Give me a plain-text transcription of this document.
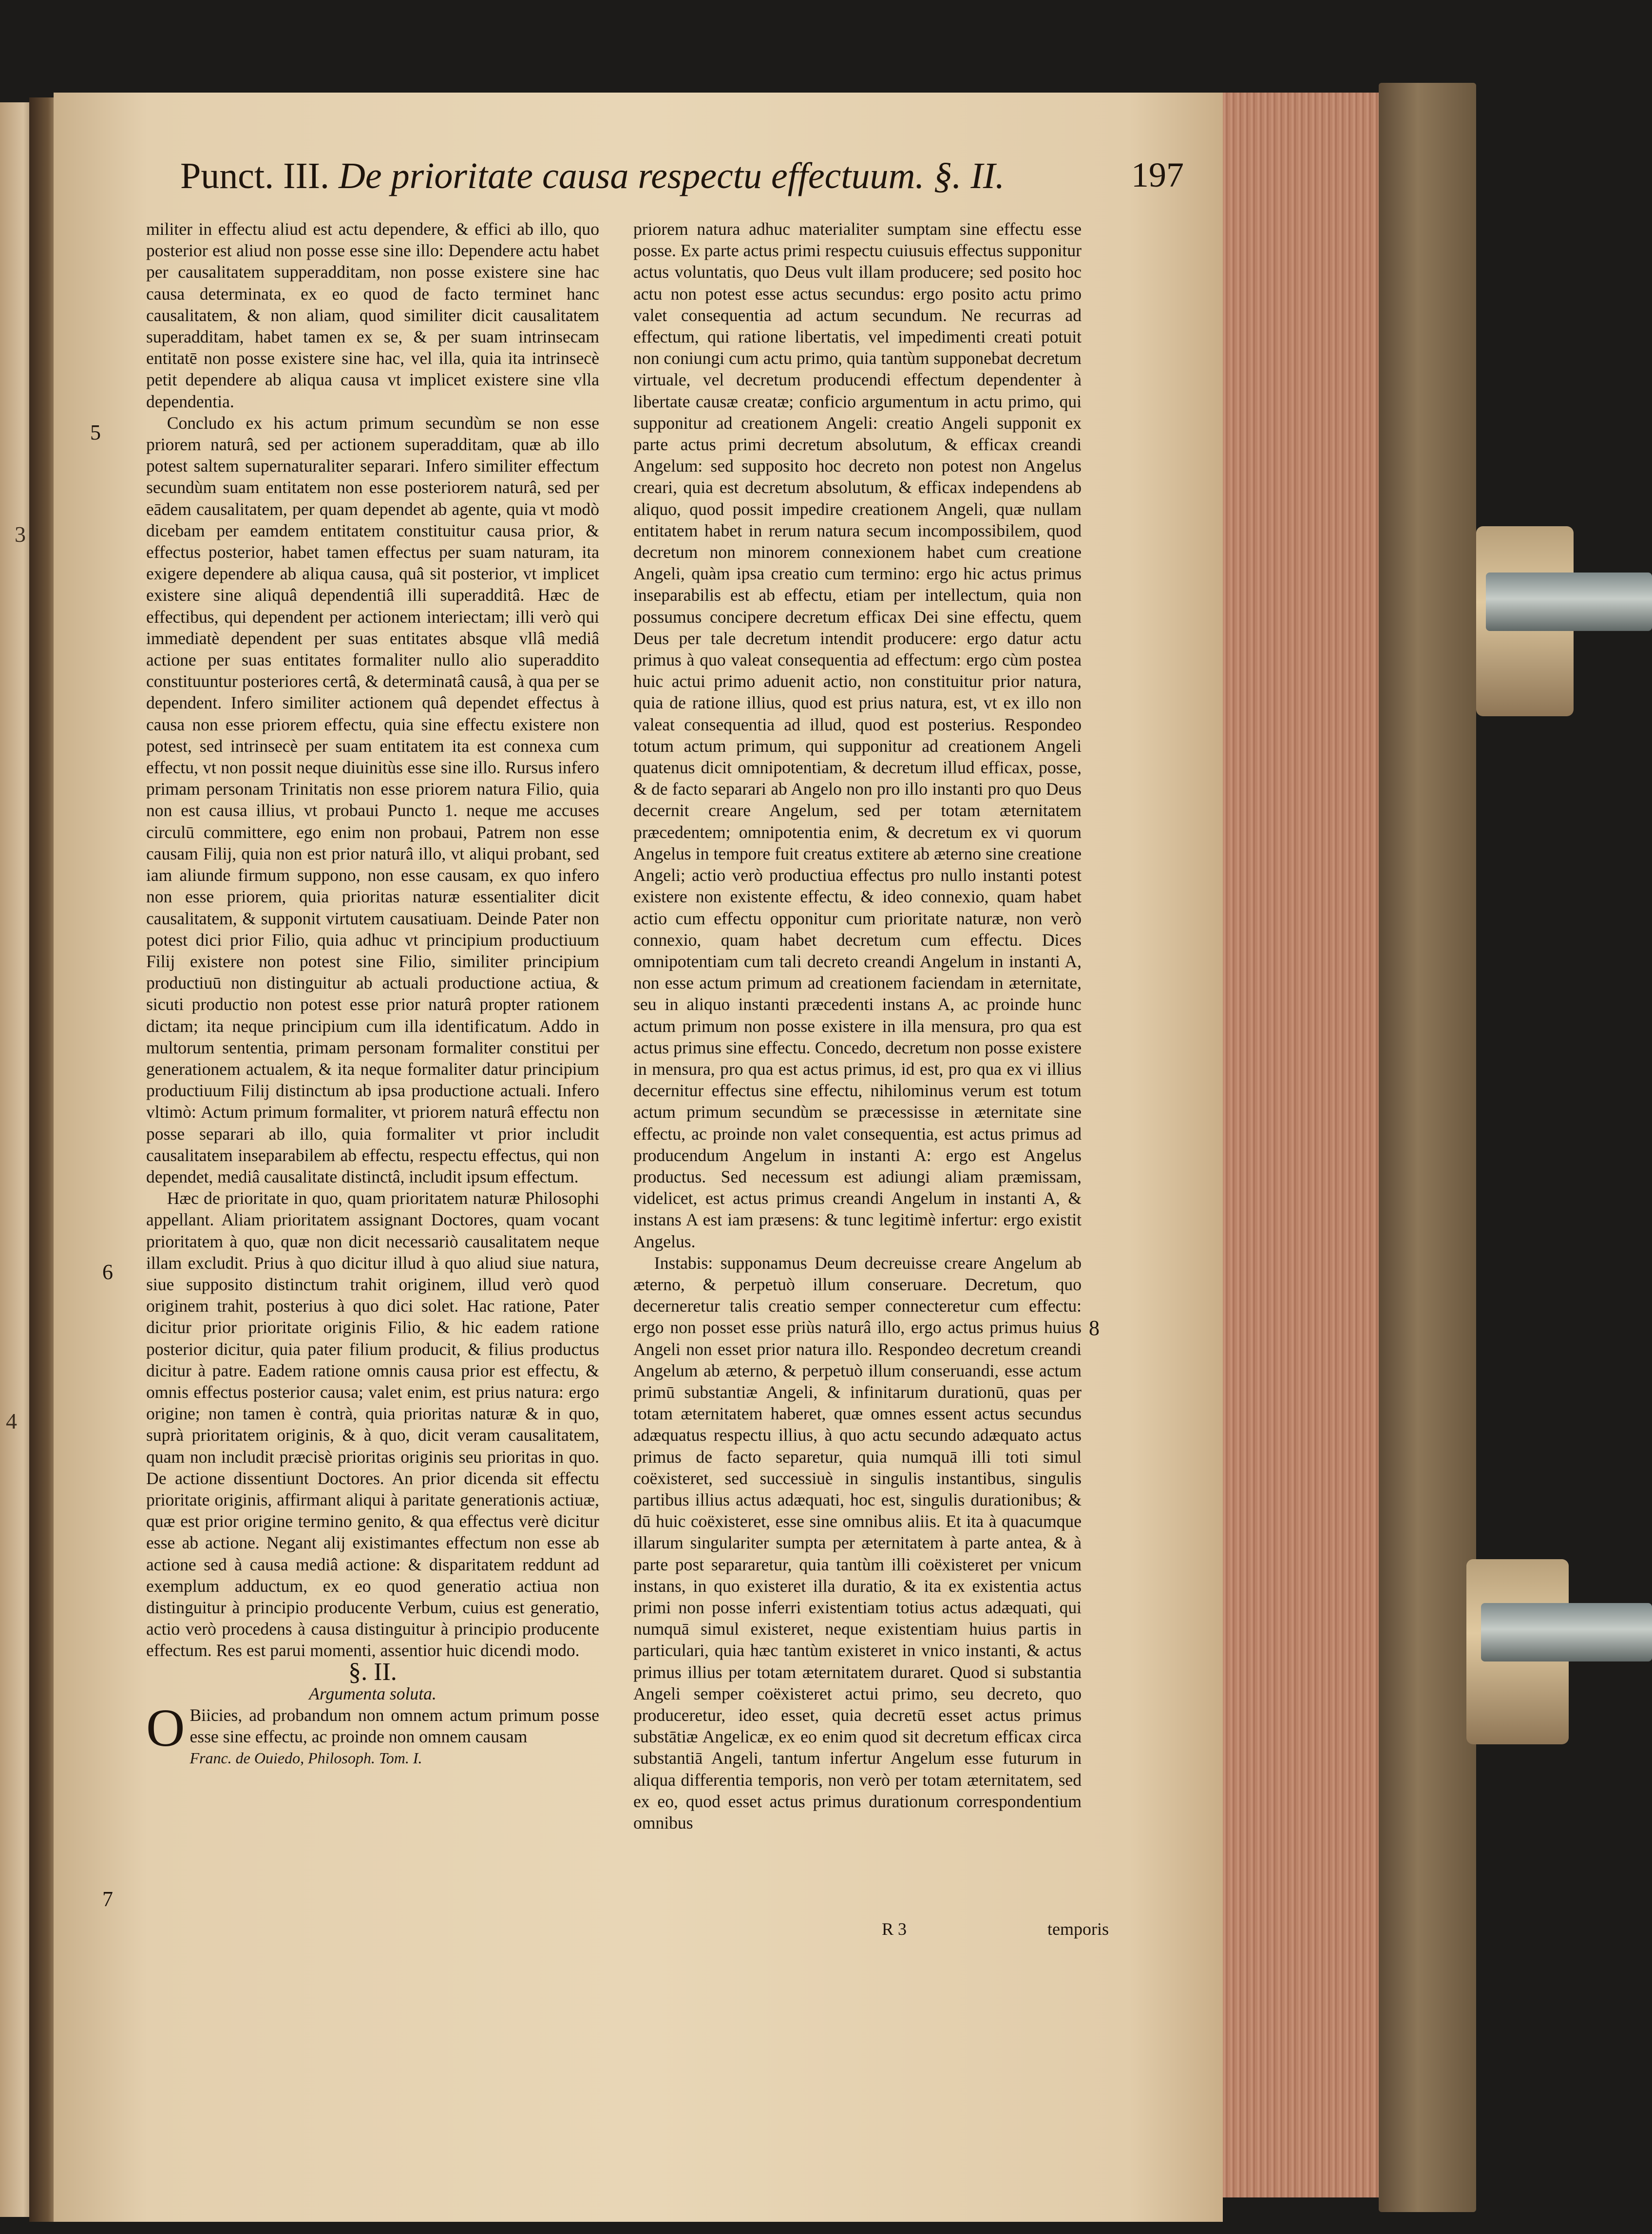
3
4
Punct. III. De prioritate causa respectu effectuum. §. II.	197
5
6
7
8

militer in effectu aliud est actu dependere, & effici ab illo, quo posterior est aliud non posse esse sine illo: Dependere actu habet per causalitatem supperadditam, non posse existere sine hac causa determinata, ex eo quod de facto terminet hanc causalitatem, & non aliam, quod similiter dicit causalitatem superadditam, habet tamen ex se, & per suam intrinsecam entitatē non posse existere sine hac, vel illa, quia ita intrinsecè petit dependere ab aliqua causa vt implicet existere sine vlla dependentia.

Concludo ex his actum primum secundùm se non esse priorem naturâ, sed per actionem superadditam, quæ ab illo potest saltem supernaturaliter separari. Infero similiter effectum secundùm suam entitatem non esse posteriorem naturâ, sed per eādem causalitatem, per quam dependet ab agente, quia vt modò dicebam per eamdem entitatem constituitur causa prior, & effectus posterior, habet tamen effectus per suam naturam, ita exigere dependere ab aliqua causa, quâ sit posterior, vt implicet existere sine aliquâ dependentiâ illi superadditâ. Hæc de effectibus, qui dependent per actionem interiectam; illi verò qui immediatè dependent per suas entitates absque vllâ mediâ actione per suas entitates formaliter nullo alio superaddito constituuntur posteriores certâ, & determinatâ causâ, à qua per se dependent. Infero similiter actionem quâ dependet effectus à causa non esse priorem effectu, quia sine effectu existere non potest, sed intrinsecè per suam entitatem ita est connexa cum effectu, vt non possit neque diuinitùs esse sine illo. Rursus infero primam personam Trinitatis non esse priorem natura Filio, quia non est causa illius, vt probaui Puncto 1. neque me accuses circulū committere, ego enim non probaui, Patrem non esse causam Filij, quia non est prior naturâ illo, vt aliqui probant, sed iam aliunde firmum suppono, non esse causam, ex quo infero non esse priorem, quia prioritas naturæ essentialiter dicit causalitatem, & supponit virtutem causatiuam. Deinde Pater non potest dici prior Filio, quia adhuc vt principium productiuum Filij existere non potest sine Filio, similiter principium productiuū non distinguitur ab actuali productione actiua, & sicuti productio non potest esse prior naturâ propter rationem dictam; ita neque principium cum illa identificatum. Addo in multorum sententia, primam personam formaliter constitui per generationem actualem, & ita neque formaliter datur principium productiuum Filij distinctum ab ipsa productione actuali. Infero vltimò: Actum primum formaliter, vt priorem naturâ effectu non posse separari ab illo, quia formaliter vt prior includit causalitatem inseparabilem ab effectu, respectu effectus, qui non dependet, mediâ causalitate distinctâ, includit ipsum effectum.

Hæc de prioritate in quo, quam prioritatem naturæ Philosophi appellant. Aliam prioritatem assignant Doctores, quam vocant prioritatem à quo, quæ non dicit necessariò causalitatem neque illam excludit. Prius à quo dicitur illud à quo aliud siue natura, siue supposito distinctum trahit originem, illud verò quod originem trahit, posterius à quo dici solet. Hac ratione, Pater dicitur prior prioritate originis Filio, & hic eadem ratione posterior dicitur, quia pater filium producit, & filius productus dicitur à patre. Eadem ratione omnis causa prior est effectu, & omnis effectus posterior causa; valet enim, est prius natura: ergo origine; non tamen è contrà, quia prioritas naturæ & in quo, suprà prioritatem originis, & à quo, dicit veram causalitatem, quam non includit præcisè prioritas originis seu prioritas in quo. De actione dissentiunt Doctores. An prior dicenda sit effectu prioritate originis, affirmant aliqui à paritate generationis actiuæ, quæ est prior origine termino genito, & qua effectus verè dicitur esse ab actione. Negant alij existimantes effectum non esse ab actione sed à causa mediâ actione: & disparitatem reddunt ad exemplum adductum, ex eo quod generatio actiua non distinguitur à principio producente Verbum, cuius est generatio, actio verò procedens à causa distinguitur à principio producente effectum. Res est parui momenti, assentior huic dicendi modo.

§. II.

Argumenta soluta.

O Biicies, ad probandum non omnem actum primum posse esse sine effectu, ac proinde non omnem causam

Franc. de Ouiedo, Philosoph. Tom. I.

priorem natura adhuc materialiter sumptam sine effectu esse posse. Ex parte actus primi respectu cuiusuis effectus supponitur actus voluntatis, quo Deus vult illam producere; sed posito hoc actu non potest esse actus secundus: ergo posito actu primo valet consequentia ad actum secundum. Ne recurras ad effectum, qui ratione libertatis, vel impedimenti creati potuit non coniungi cum actu primo, quia tantùm supponebat decretum virtuale, vel decretum producendi effectum dependenter à libertate causæ creatæ; conficio argumentum in actu primo, qui supponitur ad creationem Angeli: creatio Angeli supponit ex parte actus primi decretum absolutum, & efficax creandi Angelum: sed supposito hoc decreto non potest non Angelus creari, quia est decretum absolutum, & efficax independens ab aliquo, quod possit impedire creationem Angeli, quæ nullam entitatem habet in rerum natura secum incompossibilem, quod decretum non minorem connexionem habet cum creatione Angeli, quàm ipsa creatio cum termino: ergo hic actus primus inseparabilis est ab effectu, etiam per intellectum, quia non possumus concipere decretum efficax Dei sine effectu, quem Deus per tale decretum intendit producere: ergo datur actu primus à quo valeat consequentia ad effectum: ergo cùm postea huic actui primo aduenit actio, non constituitur prior natura, quia de ratione illius, quod est prius natura, est, vt ex illo non valeat consequentia ad illud, quod est posterius. Respondeo totum actum primum, qui supponitur ad creationem Angeli quatenus dicit omnipotentiam, & decretum illud efficax, posse, & de facto separari ab Angelo non pro illo instanti pro quo Deus decernit creare Angelum, sed per totam æternitatem præcedentem; omnipotentia enim, & decretum ex vi quorum Angelus in tempore fuit creatus extitere ab æterno sine creatione Angeli; actio verò productiua effectus pro nullo instanti potest existere non existente effectu, & ideo connexio, quam habet actio cum effectu opponitur cum prioritate naturæ, non verò connexio, quam habet decretum cum effectu. Dices omnipotentiam cum tali decreto creandi Angelum in instanti A, non esse actum primum ad creationem faciendam in æternitate, seu in aliquo instanti præcedenti instans A, ac proinde hunc actum primum non posse existere in illa mensura, pro qua est actus primus sine effectu. Concedo, decretum non posse existere in mensura, pro qua est actus primus, id est, pro qua ex vi illius decernitur effectus sine effectu, nihilominus verum est totum actum primum secundùm se præcessisse in æternitate sine effectu, ac proinde non valet consequentia, est actus primus ad producendum Angelum in instanti A: ergo est Angelus productus. Sed necessum est adiungi aliam præmissam, videlicet, est actus primus creandi Angelum in instanti A, & instans A est iam præsens: & tunc legitimè infertur: ergo existit Angelus.

Instabis: supponamus Deum decreuisse creare Angelum ab æterno, & perpetuò illum conseruare. Decretum, quo decerneretur talis creatio semper connecteretur cum effectu: ergo non posset esse priùs naturâ illo, ergo actus primus huius Angeli non esset prior natura illo. Respondeo decretum creandi Angelum ab æterno, & perpetuò illum conseruandi, esse actum primū substantiæ Angeli, & infinitarum durationū, quas per totam æternitatem haberet, quæ omnes essent actus secundus adæquatus respectu illius, à quo actu secundo adæquato actus primus de facto separetur, quia numquā illi toti simul coëxisteret, sed successiuè in singulis instantibus, singulis partibus illius actus adæquati, hoc est, singulis durationibus; & dū huic coëxisteret, esse sine omnibus aliis. Et ita à quacumque illarum singulariter sumpta per æternitatem à parte antea, & à parte post separaretur, quia tantùm illi coëxisteret per vnicum instans, in quo existeret illa duratio, & ita ex existentia actus primi non posse inferri existentiam totius actus adæquati, qui numquā simul existeret, neque existentiam huius partis in particulari, quia hæc tantùm existeret in vnico instanti, & actus primus illius per totam æternitatem duraret. Quod si substantia Angeli semper coëxisteret actui primo, seu decreto, quo produceretur, ideo esset, quia decretū esset actus primus substātiæ Angelicæ, ex eo enim quod sit decretum efficax circa substantiā Angeli, tantum infertur Angelum esse futurum in aliqua differentia temporis, non verò per totam æternitatem, sed ex eo, quod esset actus primus durationum correspondentium omnibus

R 3	temporis
